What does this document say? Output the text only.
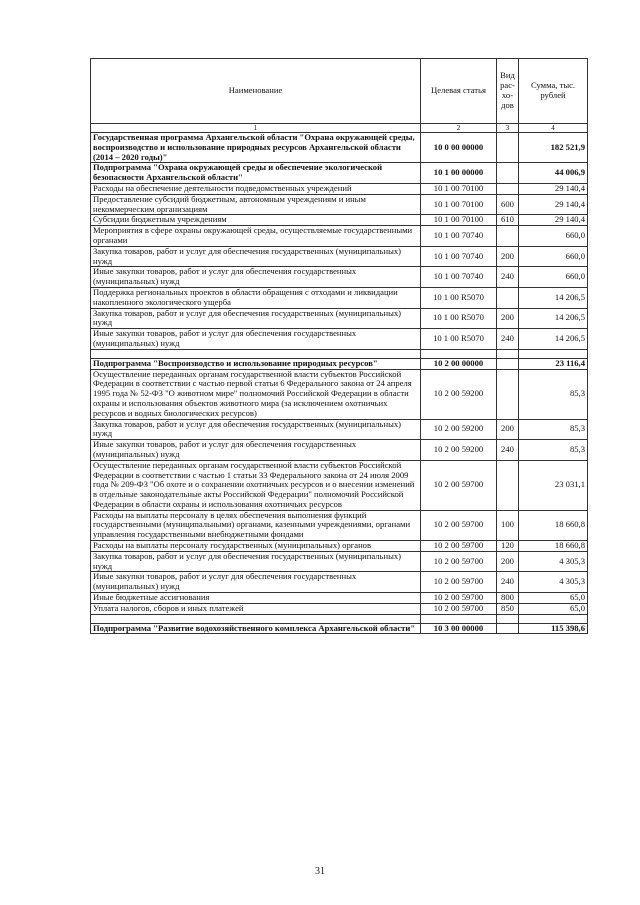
Наименование	Целевая статья	Вид рас- хо- дов	Сумма, тыс. рублей
1	2	3	4
Государственная программа Архангельской области "Охрана окружающей среды, воспроизводство и использование природных ресурсов Архангельской области (2014 – 2020 годы)"	10 0 00 00000		182 521,9
Подпрограмма "Охрана окружающей среды и обеспечение экологической безопасности Архангельской области"	10 1 00 00000		44 006,9
Расходы на обеспечение деятельности подведомственных учреждений	10 1 00 70100		29 140,4
Предоставление субсидий бюджетным, автономным учреждениям и иным некоммерческим организациям	10 1 00 70100	600	29 140,4
Субсидии бюджетным учреждениям	10 1 00 70100	610	29 140,4
Мероприятия в сфере охраны окружающей среды, осуществляемые государственными органами	10 1 00 70740		660,0
Закупка товаров, работ и услуг для обеспечения государственных (муниципальных) нужд	10 1 00 70740	200	660,0
Иные закупки товаров, работ и услуг для обеспечения государственных (муниципальных) нужд	10 1 00 70740	240	660,0
Поддержка региональных проектов в области обращения с отходами и ликвидации накопленного экологического ущерба	10 1 00 R5070		14 206,5
Закупка товаров, работ и услуг для обеспечения государственных (муниципальных) нужд	10 1 00 R5070	200	14 206,5
Иные закупки товаров, работ и услуг для обеспечения государственных (муниципальных) нужд	10 1 00 R5070	240	14 206,5

Подпрограмма "Воспроизводство и использование природных ресурсов"	10 2 00 00000		23 116,4
Осуществление переданных органам государственной власти субъектов Российской Федерации в соответствии с частью первой статьи 6 Федерального закона от 24 апреля 1995 года № 52-ФЗ "О животном мире" полномочий Российской Федерации в области охраны и использования объектов животного мира (за исключением охотничьих ресурсов и водных биологических ресурсов)	10 2 00 59200		85,3
Закупка товаров, работ и услуг для обеспечения государственных (муниципальных) нужд	10 2 00 59200	200	85,3
Иные закупки товаров, работ и услуг для обеспечения государственных (муниципальных) нужд	10 2 00 59200	240	85,3
Осуществление переданных органам государственной власти субъектов Российской Федерации в соответствии с частью 1 статьи 33 Федерального закона от 24 июля 2009 года № 209-ФЗ "Об охоте и о сохранении охотничьих ресурсов и о внесении изменений в отдельные законодательные акты Российской Федерации" полномочий Российской Федерации в области охраны и использования охотничьих ресурсов	10 2 00 59700		23 031,1
Расходы на выплаты персоналу в целях обеспечения выполнения функций государственными (муниципальными) органами, казенными учреждениями, органами управления государственными внебюджетными фондами	10 2 00 59700	100	18 660,8
Расходы на выплаты персоналу государственных (муниципальных) органов	10 2 00 59700	120	18 660,8
Закупка товаров, работ и услуг для обеспечения государственных (муниципальных) нужд	10 2 00 59700	200	4 305,3
Иные закупки товаров, работ и услуг для обеспечения государственных (муниципальных) нужд	10 2 00 59700	240	4 305,3
Иные бюджетные ассигнования	10 2 00 59700	800	65,0
Уплата налогов, сборов и иных платежей	10 2 00 59700	850	65,0

Подпрограмма "Развитие водохозяйственного комплекса Архангельской области"	10 3 00 00000		115 398,6
31
